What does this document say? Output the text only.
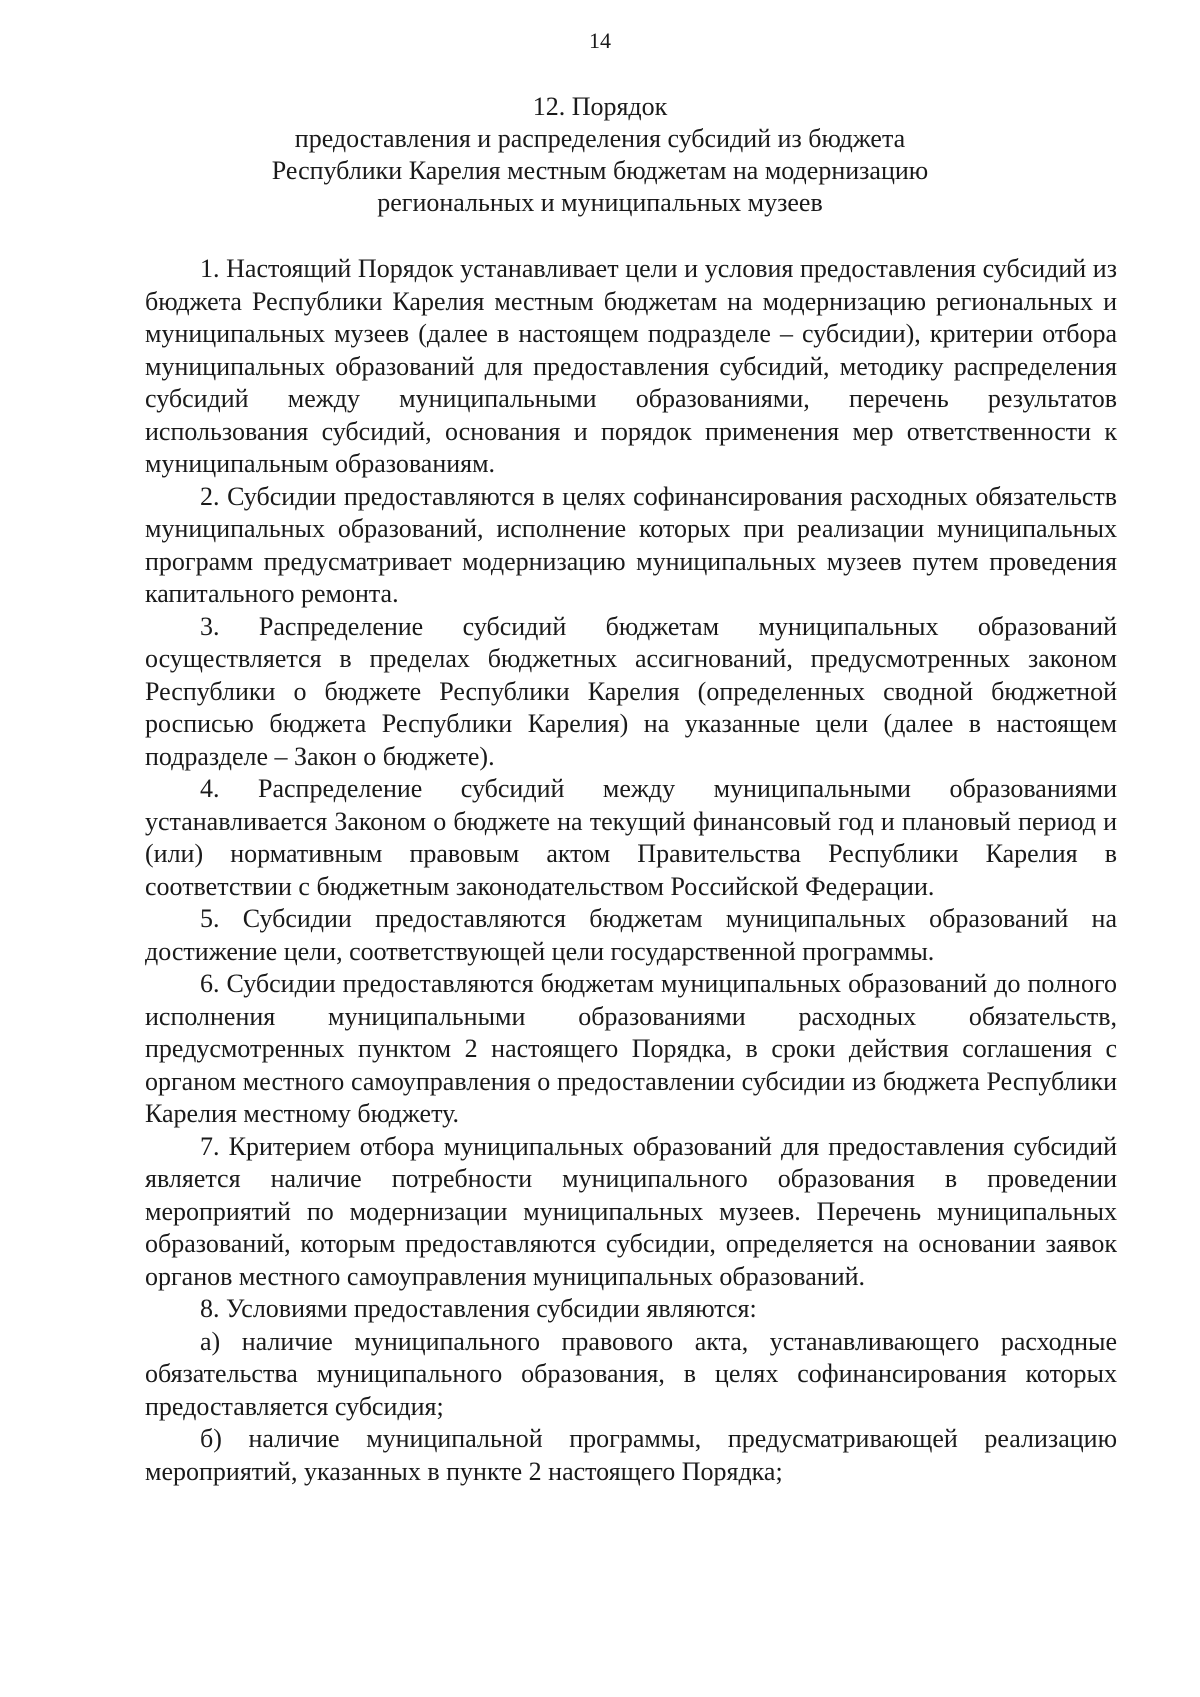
14
12. Порядок
предоставления и распределения субсидий из бюджета
Республики Карелия местным бюджетам на модернизацию
региональных и муниципальных музеев

1. Настоящий Порядок устанавливает цели и условия предоставления субсидий из бюджета Республики Карелия местным бюджетам на модернизацию региональных и муниципальных музеев (далее в настоящем подразделе – субсидии), критерии отбора муниципальных образований для предоставления субсидий, методику распределения субсидий между муниципальными образованиями, перечень результатов использования субсидий, основания и порядок применения мер ответственности к муниципальным образованиям.

2. Субсидии предоставляются в целях софинансирования расходных обязательств муниципальных образований, исполнение которых при реализации муниципальных программ предусматривает модернизацию муниципальных музеев путем проведения капитального ремонта.

3. Распределение субсидий бюджетам муниципальных образований осуществляется в пределах бюджетных ассигнований, предусмотренных законом Республики о бюджете Республики Карелия (определенных сводной бюджетной росписью бюджета Республики Карелия) на указанные цели (далее в настоящем подразделе – Закон о бюджете).

4. Распределение субсидий между муниципальными образованиями устанавливается Законом о бюджете на текущий финансовый год и плановый период и (или) нормативным правовым актом Правительства Республики Карелия в соответствии с бюджетным законодательством Российской Федерации.

5. Субсидии предоставляются бюджетам муниципальных образований на достижение цели, соответствующей цели государственной программы.

6. Субсидии предоставляются бюджетам муниципальных образований до полного исполнения муниципальными образованиями расходных обязательств, предусмотренных пунктом 2 настоящего Порядка, в сроки действия соглашения с органом местного самоуправления о предоставлении субсидии из бюджета Республики Карелия местному бюджету.

7. Критерием отбора муниципальных образований для предоставления субсидий является наличие потребности муниципального образования в проведении мероприятий по модернизации муниципальных музеев. Перечень муниципальных образований, которым предоставляются субсидии, определяется на основании заявок органов местного самоуправления муниципальных образований.

8. Условиями предоставления субсидии являются:

а) наличие муниципального правового акта, устанавливающего расходные обязательства муниципального образования, в целях софинансирования которых предоставляется субсидия;

б) наличие муниципальной программы, предусматривающей реализацию мероприятий, указанных в пункте 2 настоящего Порядка;
